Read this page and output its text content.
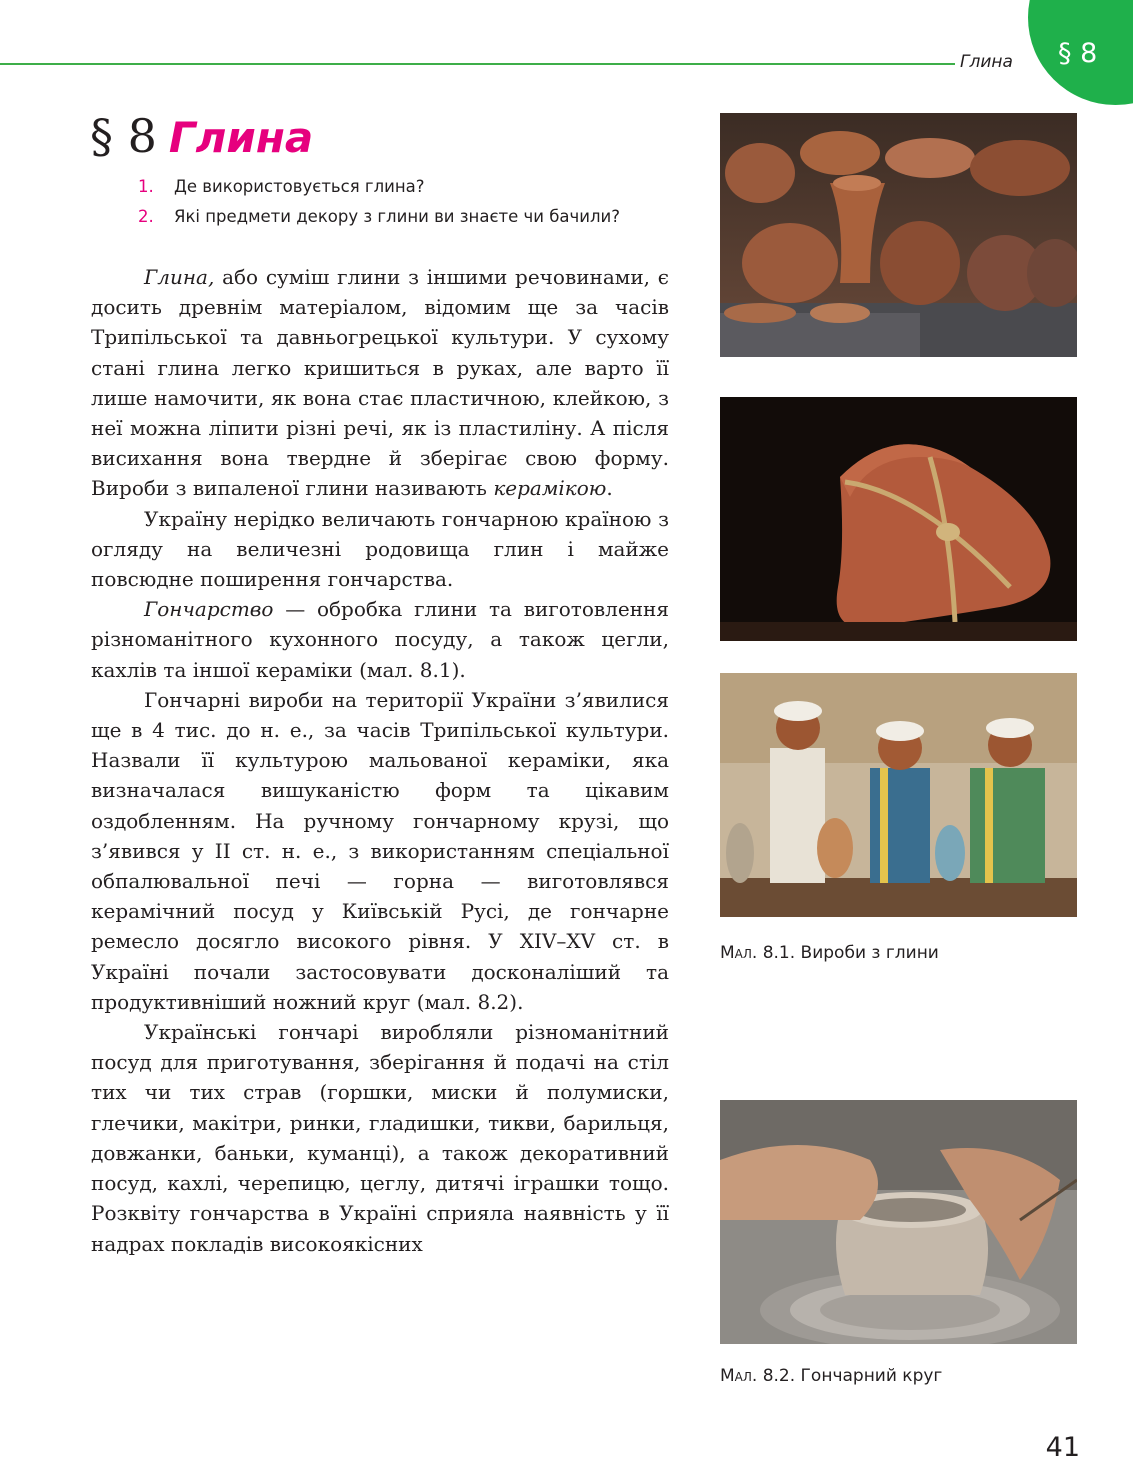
Глина	§ 8
§ 8 Глина
1. Де використовується глина?
2. Які предмети декору з глини ви знаєте чи бачили?

Глина, або суміш глини з іншими речовинами, є досить древнім матеріалом, відомим ще за часів Трипільської та давньогрецької культури. У сухому стані глина легко кришиться в руках, але варто її лише намочити, як вона стає пластичною, клейкою, з неї можна ліпити різні речі, як із пластиліну. А після висихання вона твердне й зберігає свою форму. Вироби з випаленої глини називають керамікою.

Україну нерідко величають гончарною країною з огляду на величезні родовища глин і майже повсюдне поширення гончарства.

Гончарство — обробка глини та виготовлення різноманітного кухонного посуду, а також цегли, кахлів та іншої кераміки (мал. 8.1).

Гончарні вироби на території України з’явилися ще в 4 тис. до н. е., за часів Трипільської культури. Назвали її культурою мальованої кераміки, яка визначалася вишуканістю форм та цікавим оздобленням. На ручному гончарному крузі, що з’явився у II ст. н. е., з використанням спеціальної обпалювальної печі — горна — виготовлявся керамічний посуд у Київській Русі, де гончарне ремесло досягло високого рівня. У XIV–XV ст. в Україні почали застосовувати досконаліший та продуктивніший ножний круг (мал. 8.2).

Українські гончарі виробляли різноманітний посуд для приготування, зберігання й подачі на стіл тих чи тих страв (горшки, миски й полумиски, глечики, макітри, ринки, гладишки, тикви, барильця, довжанки, баньки, куманці), а також декоративний посуд, кахлі, черепицю, цеглу, дитячі іграшки тощо. Розквіту гончарства в Україні сприяла наявність у її надрах покладів високоякісних

Мал. 8.1. Вироби з глини
Мал. 8.2. Гончарний круг
41
